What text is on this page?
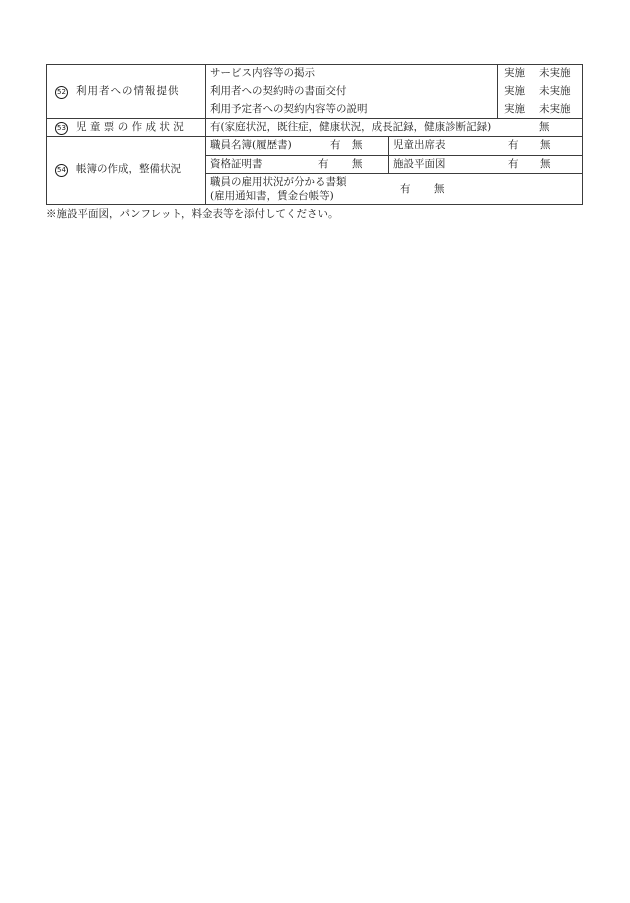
52 利用者への情報提供
サービス内容等の掲示	実施 未実施
利用者への契約時の書面交付	実施 未実施
利用予定者への契約内容等の説明	実施 未実施
53 児童票の作成状況 有(家庭状況，既往症，健康状況，成長記録，健康診断記録)	無
54 帳簿の作成，整備状況
職員名簿(履歴書)	有 無	児童出席表	有 無
資格証明書	有 無	施設平面図	有 無
職員の雇用状況が分かる書類
(雇用通知書，賃金台帳等)
有 無
※施設平面図，パンフレット，料金表等を添付してください。
